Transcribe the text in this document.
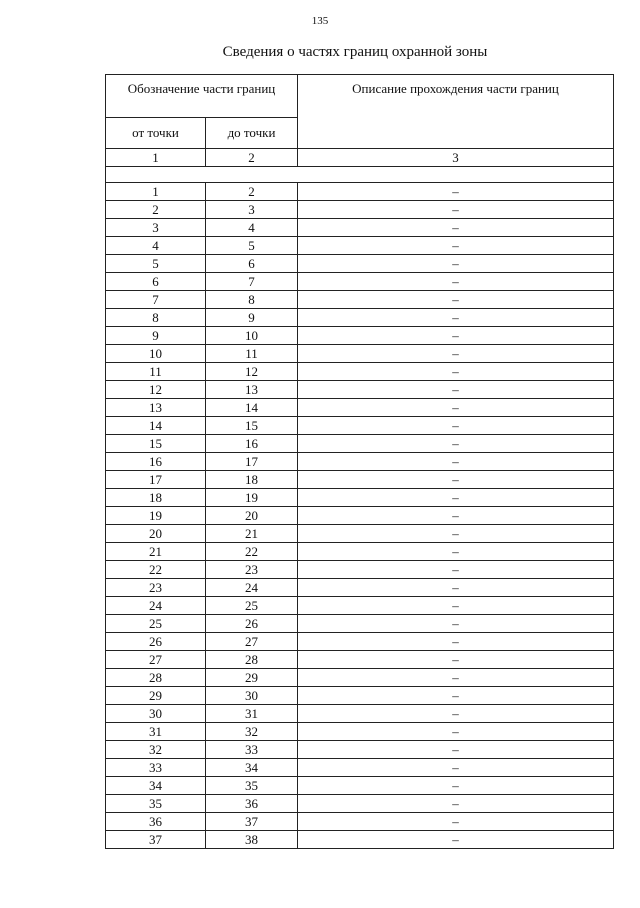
135
Сведения о частях границ охранной зоны
Обозначение части границ		Описание прохождения части границ
от точки	до точки	
1	2	3

1	2	–
2	3	–
3	4	–
4	5	–
5	6	–
6	7	–
7	8	–
8	9	–
9	10	–
10	11	–
11	12	–
12	13	–
13	14	–
14	15	–
15	16	–
16	17	–
17	18	–
18	19	–
19	20	–
20	21	–
21	22	–
22	23	–
23	24	–
24	25	–
25	26	–
26	27	–
27	28	–
28	29	–
29	30	–
30	31	–
31	32	–
32	33	–
33	34	–
34	35	–
35	36	–
36	37	–
37	38	–
